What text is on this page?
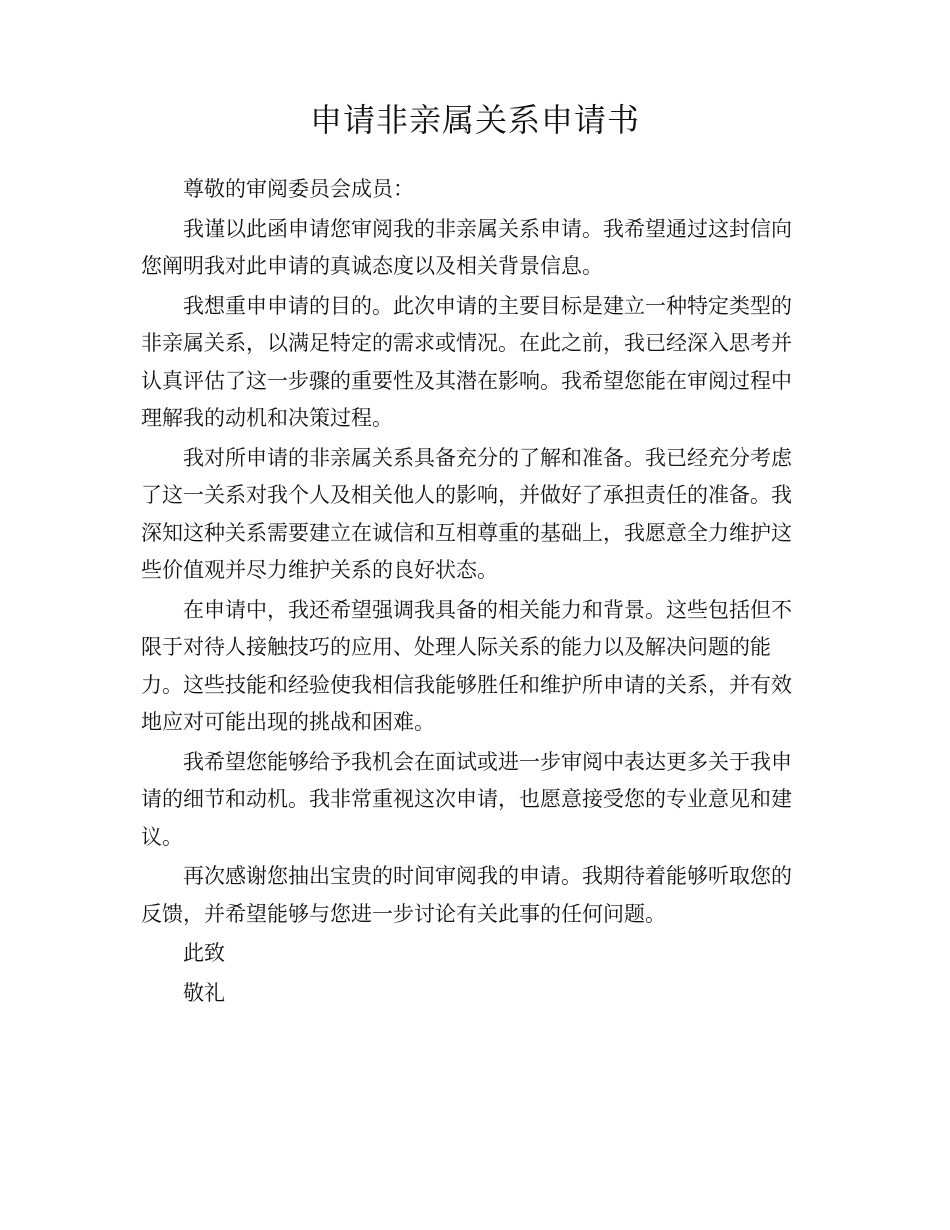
申请非亲属关系申请书

尊敬的审阅委员会成员：

我谨以此函申请您审阅我的非亲属关系申请。我希望通过这封信向您阐明我对此申请的真诚态度以及相关背景信息。

我想重申申请的目的。此次申请的主要目标是建立一种特定类型的非亲属关系，以满足特定的需求或情况。在此之前，我已经深入思考并认真评估了这一步骤的重要性及其潜在影响。我希望您能在审阅过程中理解我的动机和决策过程。

我对所申请的非亲属关系具备充分的了解和准备。我已经充分考虑了这一关系对我个人及相关他人的影响，并做好了承担责任的准备。我深知这种关系需要建立在诚信和互相尊重的基础上，我愿意全力维护这些价值观并尽力维护关系的良好状态。

在申请中，我还希望强调我具备的相关能力和背景。这些包括但不限于对待人接触技巧的应用、处理人际关系的能力以及解决问题的能力。这些技能和经验使我相信我能够胜任和维护所申请的关系，并有效地应对可能出现的挑战和困难。

我希望您能够给予我机会在面试或进一步审阅中表达更多关于我申请的细节和动机。我非常重视这次申请，也愿意接受您的专业意见和建议。

再次感谢您抽出宝贵的时间审阅我的申请。我期待着能够听取您的反馈，并希望能够与您进一步讨论有关此事的任何问题。

此致

敬礼
